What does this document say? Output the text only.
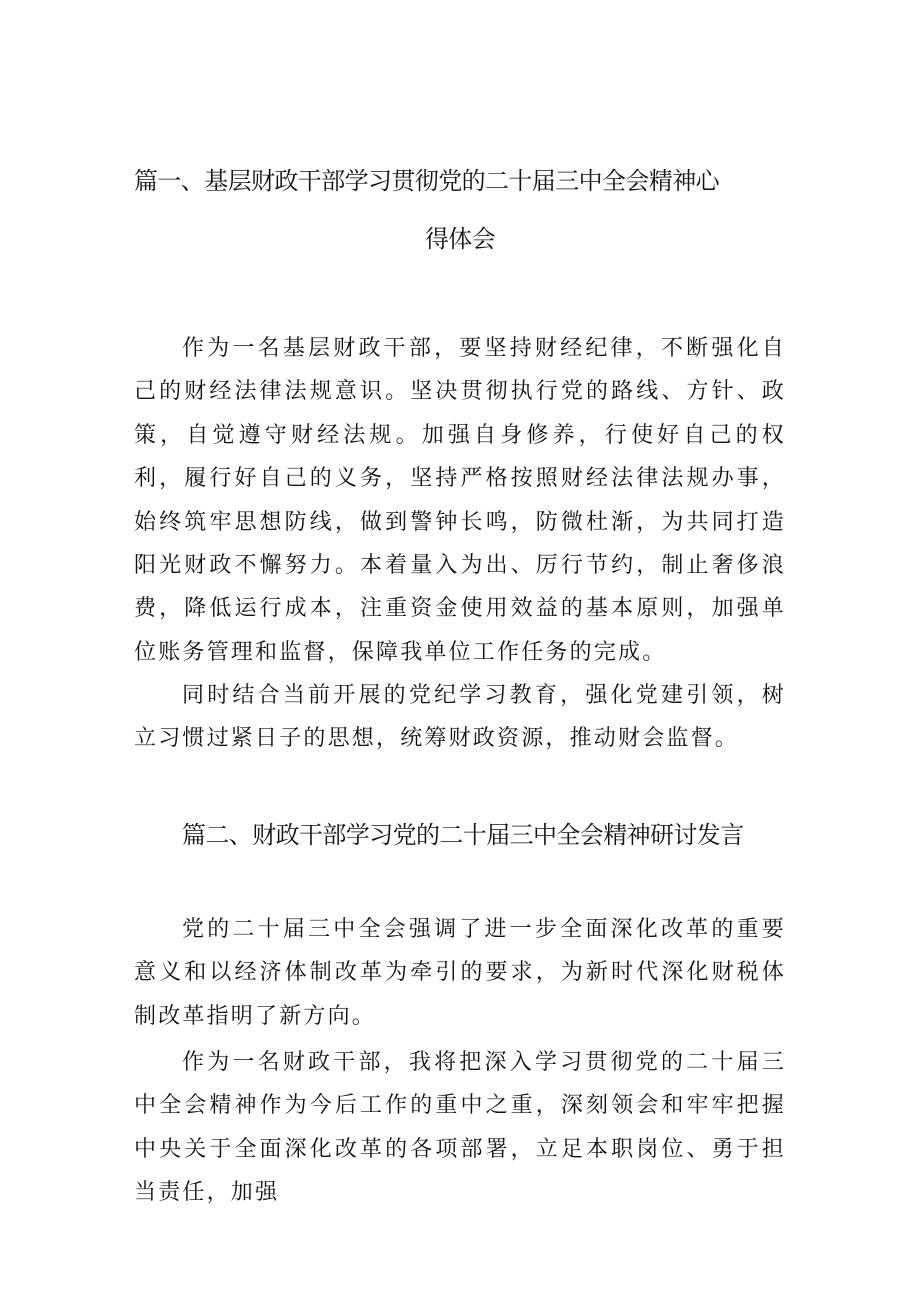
篇一、基层财政干部学习贯彻党的二十届三中全会精神心
得体会

作为一名基层财政干部，要坚持财经纪律，不断强化自己的财经法律法规意识。坚决贯彻执行党的路线、方针、政策，自觉遵守财经法规。加强自身修养，行使好自己的权利，履行好自己的义务，坚持严格按照财经法律法规办事，始终筑牢思想防线，做到警钟长鸣，防微杜渐，为共同打造阳光财政不懈努力。本着量入为出、厉行节约，制止奢侈浪费，降低运行成本，注重资金使用效益的基本原则，加强单位账务管理和监督，保障我单位工作任务的完成。

同时结合当前开展的党纪学习教育，强化党建引领，树立习惯过紧日子的思想，统筹财政资源，推动财会监督。

篇二、财政干部学习党的二十届三中全会精神研讨发言

党的二十届三中全会强调了进一步全面深化改革的重要意义和以经济体制改革为牵引的要求，为新时代深化财税体制改革指明了新方向。

作为一名财政干部，我将把深入学习贯彻党的二十届三中全会精神作为今后工作的重中之重，深刻领会和牢牢把握中央关于全面深化改革的各项部署，立足本职岗位、勇于担当责任，加强
